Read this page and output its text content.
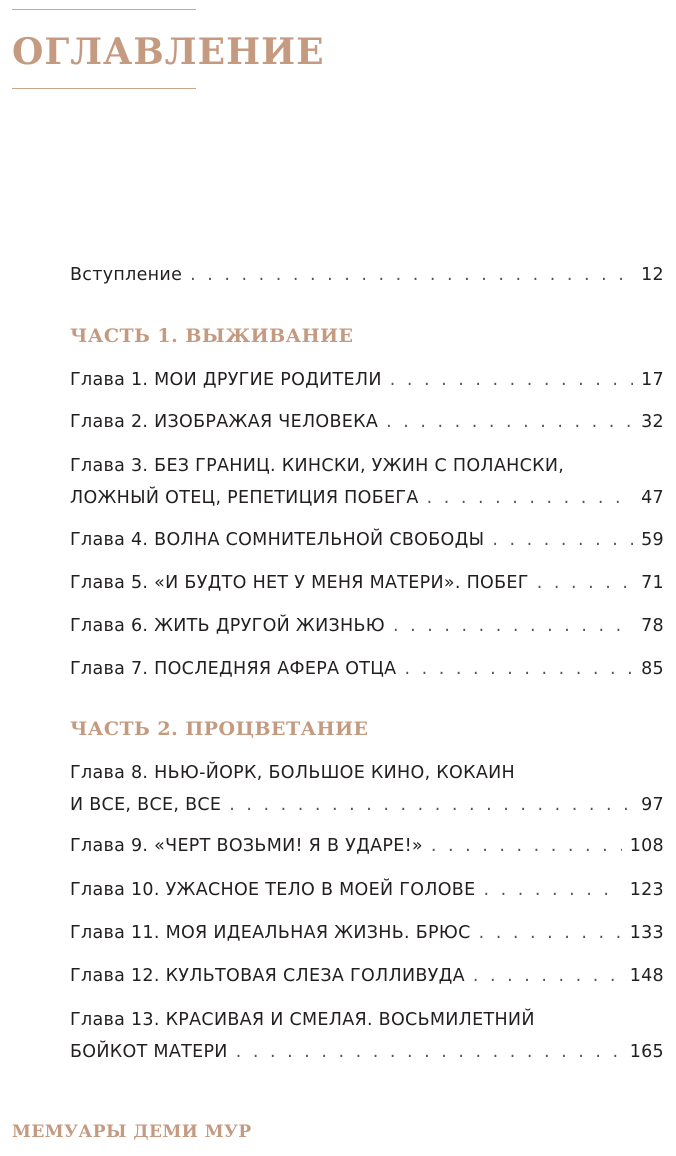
ОГЛАВЛЕНИЕ
Вступление . . .	12
ЧАСТЬ 1. ВЫЖИВАНИЕ
Глава 1. МОИ ДРУГИЕ РОДИТЕЛИ . . .	17
Глава 2. ИЗОБРАЖАЯ ЧЕЛОВЕКА . . .	32
Глава 3. БЕЗ ГРАНИЦ. КИНСКИ, УЖИН С ПОЛАНСКИ,
ЛОЖНЫЙ ОТЕЦ, РЕПЕТИЦИЯ ПОБЕГА . . .	47
Глава 4. ВОЛНА СОМНИТЕЛЬНОЙ СВОБОДЫ . . .	59
Глава 5. «И БУДТО НЕТ У МЕНЯ МАТЕРИ». ПОБЕГ . . .	71
Глава 6. ЖИТЬ ДРУГОЙ ЖИЗНЬЮ . . .	78
Глава 7. ПОСЛЕДНЯЯ АФЕРА ОТЦА . . .	85
ЧАСТЬ 2. ПРОЦВЕТАНИЕ
Глава 8. НЬЮ-ЙОРК, БОЛЬШОЕ КИНО, КОКАИН
И ВСЕ, ВСЕ, ВСЕ . . .	97
Глава 9. «ЧЕРТ ВОЗЬМИ! Я В УДАРЕ!» . . .	108
Глава 10. УЖАСНОЕ ТЕЛО В МОЕЙ ГОЛОВЕ . . .	123
Глава 11. МОЯ ИДЕАЛЬНАЯ ЖИЗНЬ. БРЮС . . .	133
Глава 12. КУЛЬТОВАЯ СЛЕЗА ГОЛЛИВУДА . . .	148
Глава 13. КРАСИВАЯ И СМЕЛАЯ. ВОСЬМИЛЕТНИЙ
БОЙКОТ МАТЕРИ . . .	165
МЕМУАРЫ ДЕМИ МУР
